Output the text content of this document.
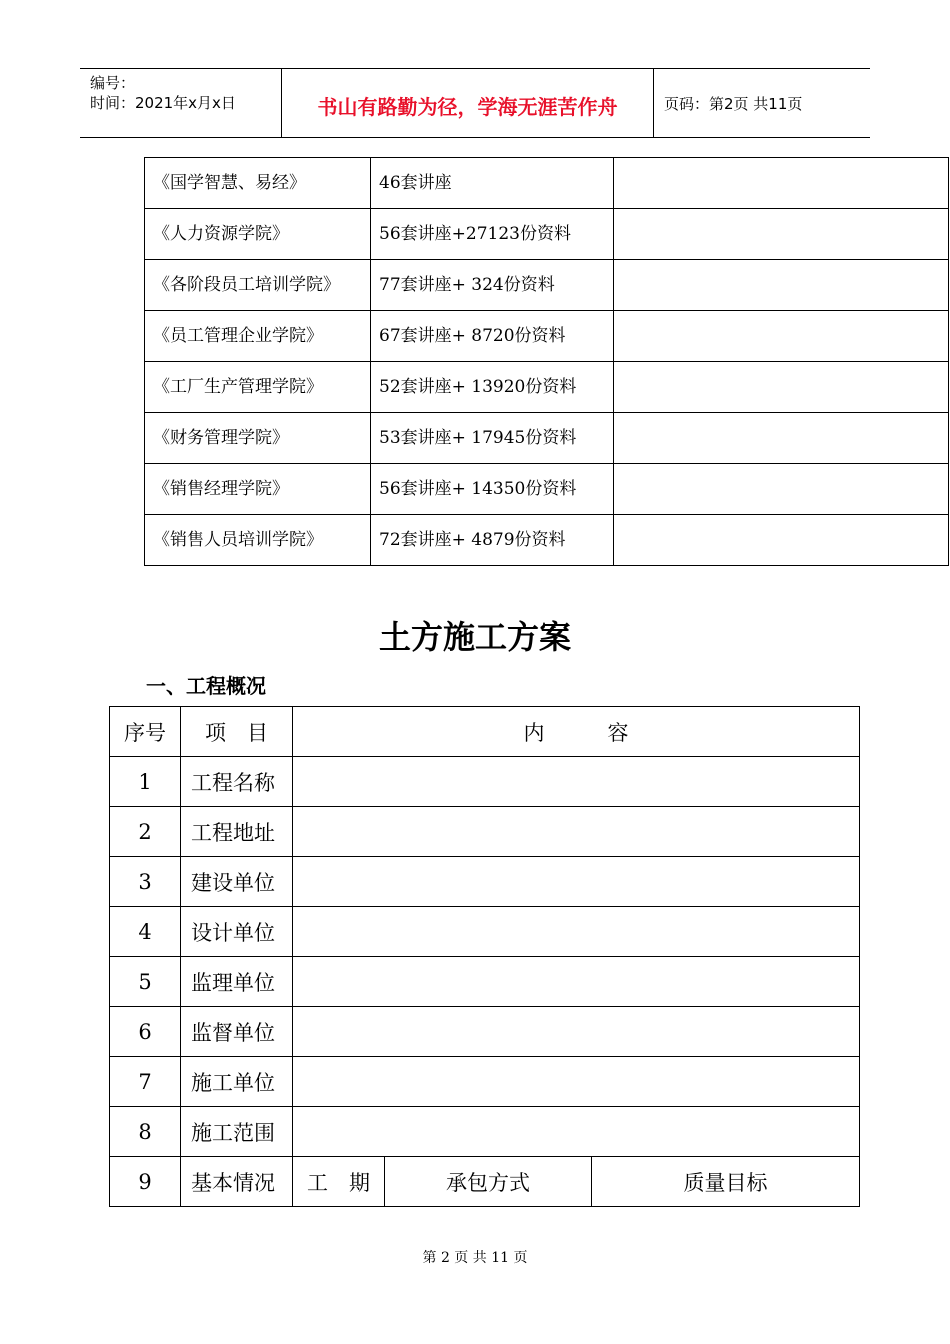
编号：
时间：2021年x月x日	书山有路勤为径，学海无涯苦作舟	页码：第2页 共11页
《国学智慧、易经》	46套讲座	
《人力资源学院》	56套讲座+27123份资料	
《各阶段员工培训学院》	77套讲座+ 324份资料	
《员工管理企业学院》	67套讲座+ 8720份资料	
《工厂生产管理学院》	52套讲座+ 13920份资料	
《财务管理学院》	53套讲座+ 17945份资料	
《销售经理学院》	56套讲座+ 14350份资料	
《销售人员培训学院》	72套讲座+ 4879份资料	
土方施工方案
一、工程概况
序号	项　目	内　　　容		
1	工程名称			
2	工程地址			
3	建设单位			
4	设计单位			
5	监理单位			
6	监督单位			
7	施工单位			
8	施工范围			
9	基本情况	工　期	承包方式	质量目标
第 2 页 共 11 页
